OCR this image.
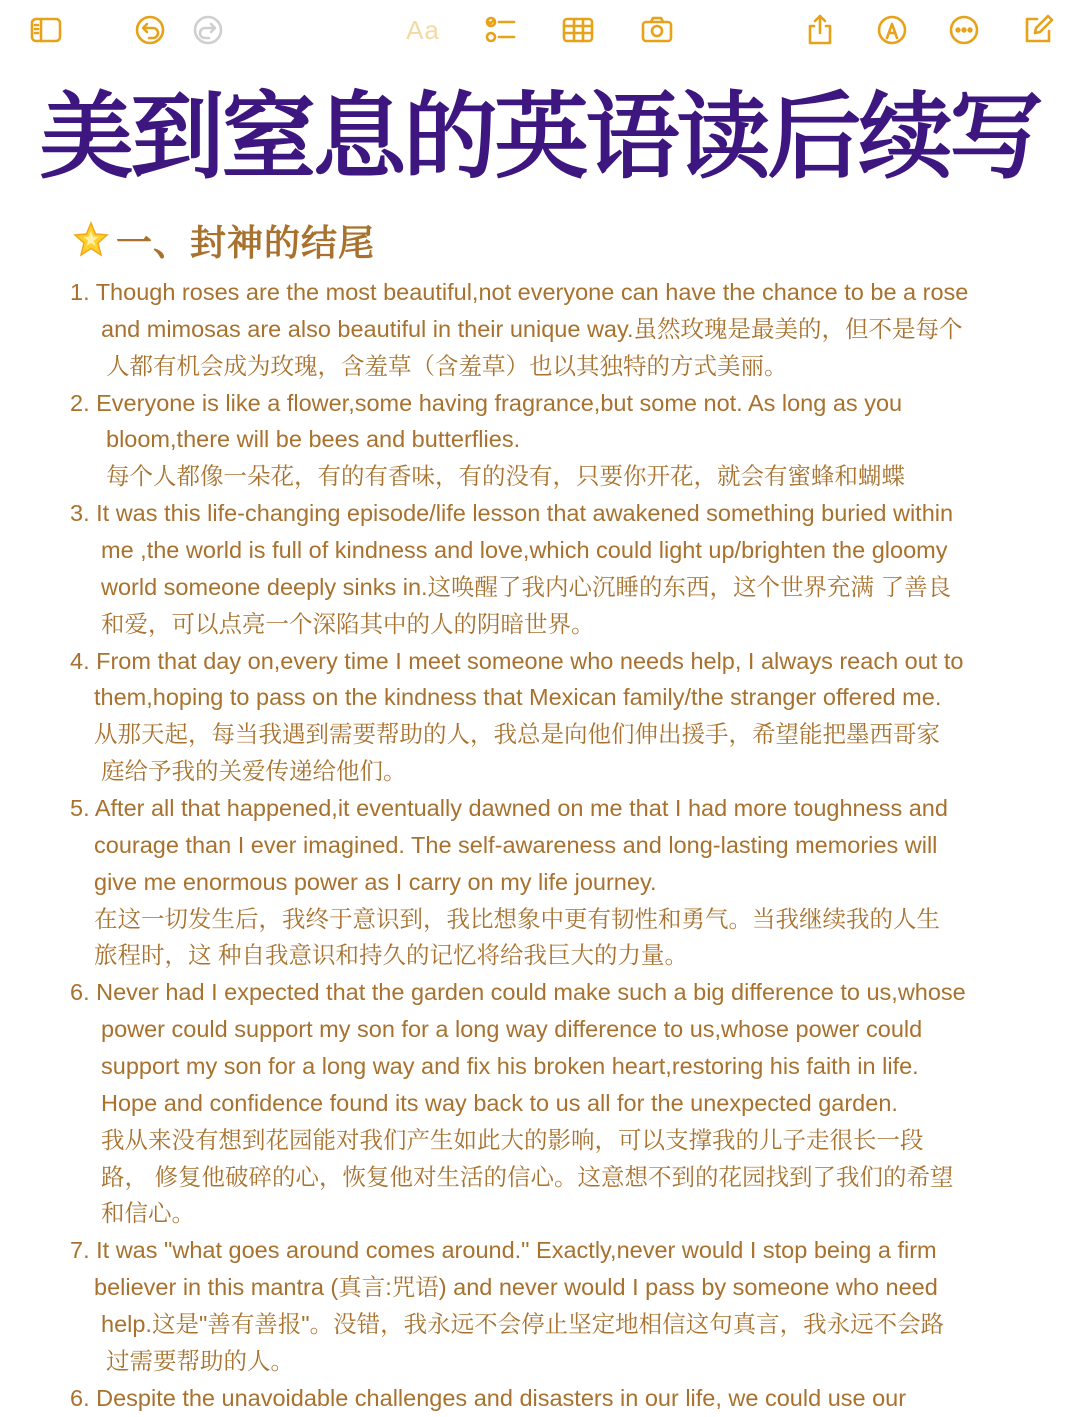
Aa
美到窒息的英语读后续写
一、封神的结尾
1. Though roses are the most beautiful,not everyone can have the chance to be a rose
and mimosas are also beautiful in their unique way.虽然玫瑰是最美的，但不是每个
人都有机会成为玫瑰，含羞草（含羞草）也以其独特的方式美丽。
2. Everyone is like a flower,some having fragrance,but some not. As long as you
bloom,there will be bees and butterflies.
每个人都像一朵花，有的有香味，有的没有，只要你开花，就会有蜜蜂和蝴蝶
3. It was this life-changing episode/life lesson that awakened something buried within
me ,the world is full of kindness and love,which could light up/brighten the gloomy
world someone deeply sinks in.这唤醒了我内心沉睡的东西，这个世界充满 了善良
和爱，可以点亮一个深陷其中的人的阴暗世界。
4. From that day on,every time I meet someone who needs help, I always reach out to
them,hoping to pass on the kindness that Mexican family/the stranger offered me.
从那天起，每当我遇到需要帮助的人，我总是向他们伸出援手，希望能把墨西哥家
庭给予我的关爱传递给他们。
5. After all that happened,it eventually dawned on me that I had more toughness and
courage than I ever imagined. The self-awareness and long-lasting memories will
give me enormous power as I carry on my life journey.
在这一切发生后，我终于意识到，我比想象中更有韧性和勇气。当我继续我的人生
旅程时，这 种自我意识和持久的记忆将给我巨大的力量。
6. Never had I expected that the garden could make such a big difference to us,whose
power could support my son for a long way difference to us,whose power could
support my son for a long way and fix his broken heart,restoring his faith in life.
Hope and confidence found its way back to us all for the unexpected garden.
我从来没有想到花园能对我们产生如此大的影响，可以支撑我的儿子走很长一段
路， 修复他破碎的心，恢复他对生活的信心。这意想不到的花园找到了我们的希望
和信心。
7. It was "what goes around comes around." Exactly,never would I stop being a firm
believer in this mantra (真言:咒语) and never would I pass by someone who need
help.这是"善有善报"。没错，我永远不会停止坚定地相信这句真言，我永远不会路
过需要帮助的人。
6. Despite the unavoidable challenges and disasters in our life, we could use our
